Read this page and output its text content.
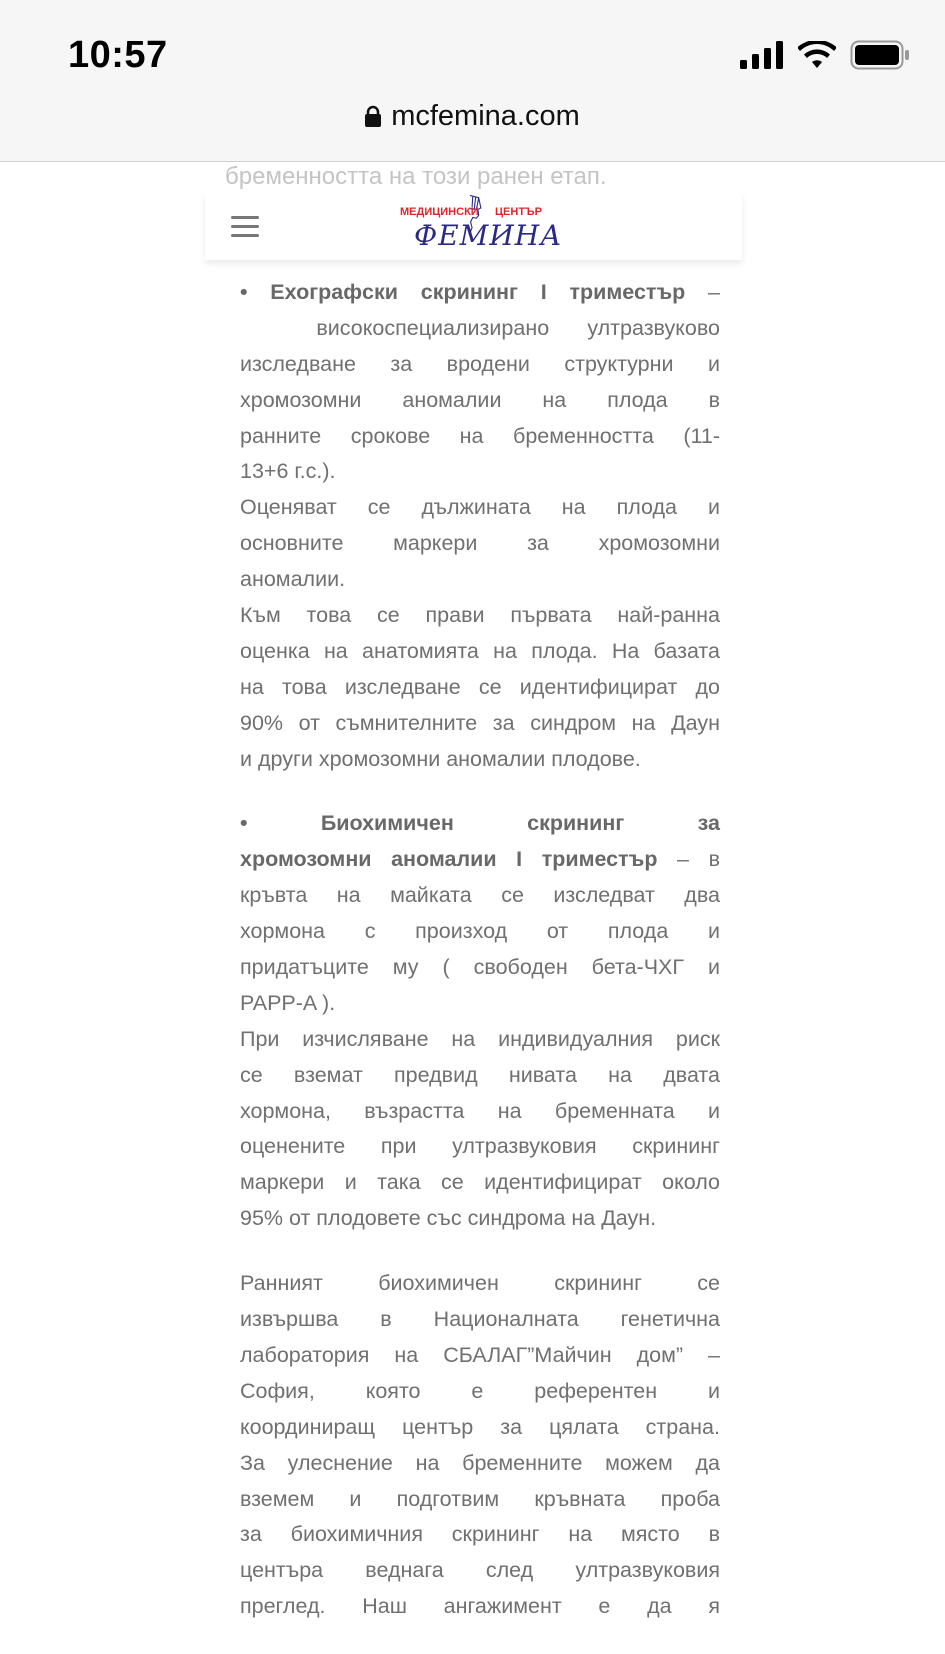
10:57
mcfemina.com
бременността на този ранен етап.
МЕДИЦИНСКИ ЦЕНТЪР
ФЕМИНА
• Ехографски скрининг I триместър –
високоспециализирано ултразвуково
изследване за вродени структурни и
хромозомни аномалии на плода в
ранните срокове на бременността (11-
13+6 г.с.).
Оценяват се дължината на плода и
основните маркери за хромозомни
аномалии.
Към това се прави първата най-ранна
оценка на анатомията на плода. На базата
на това изследване се идентифицират до
90% от съмнителните за синдром на Даун
и други хромозомни аномалии плодове.
• Биохимичен скрининг за
хромозомни аномалии I триместър – в
кръвта на майката се изследват два
хормона с произход от плода и
придатъците му ( свободен бета-ЧХГ и
PAPP-A ).
При изчисляване на индивидуалния риск
се вземат предвид нивата на двата
хормона, възрастта на бременната и
оценените при ултразвуковия скрининг
маркери и така се идентифицират около
95% от плодовете със синдрома на Даун.
Ранният биохимичен скрининг се
извършва в Националната генетична
лаборатория на СБАЛАГ”Майчин дом” –
София, която е референтен и
координиращ център за цялата страна.
За улеснение на бременните можем да
вземем и подготвим кръвната проба
за биохимичния скрининг на място в
центъра веднага след ултразвуковия
преглед. Наш ангажимент е да я
